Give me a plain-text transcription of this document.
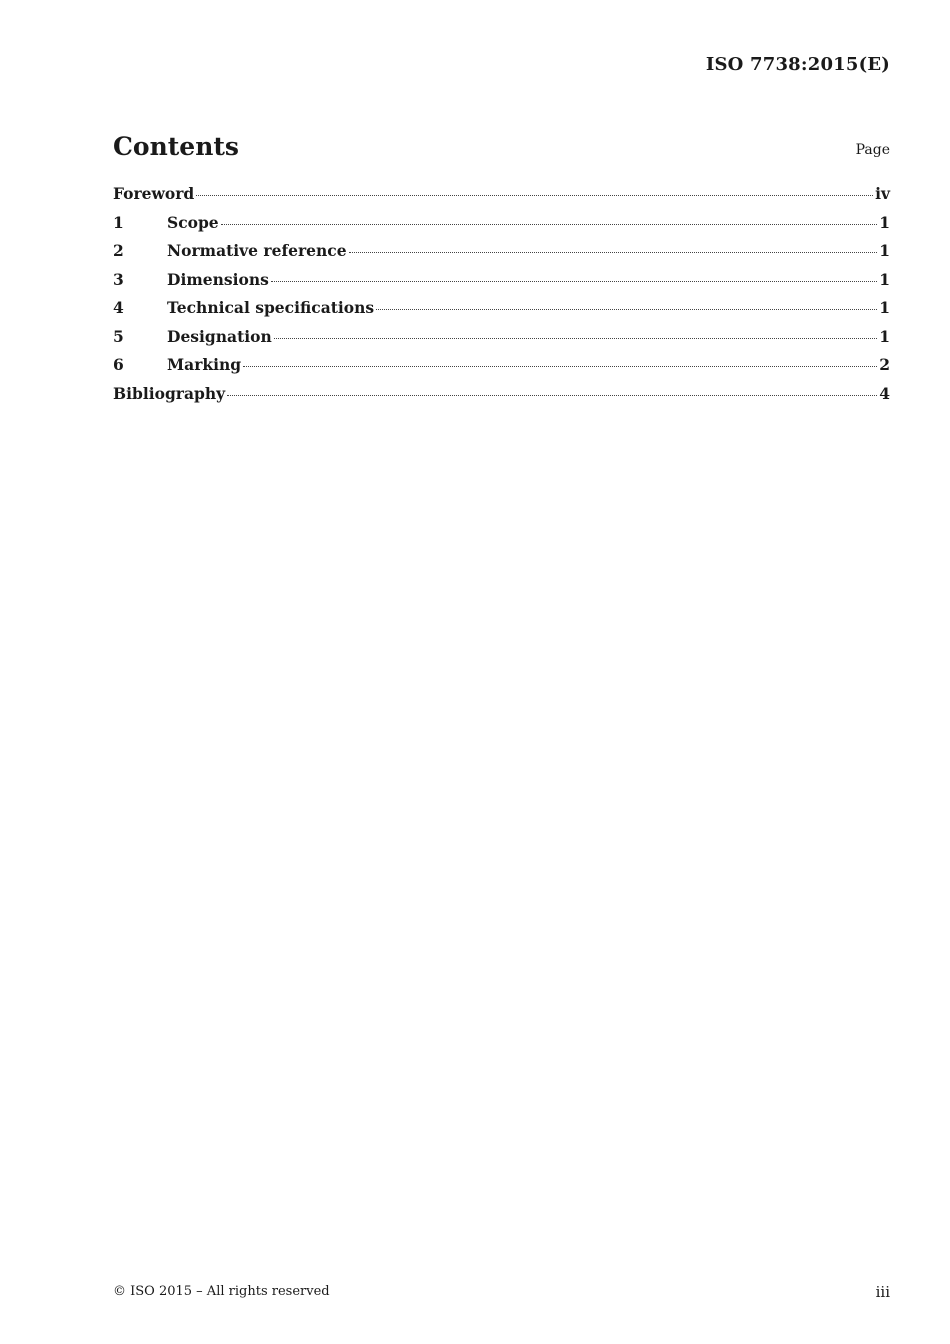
ISO 7738:2015(E)
Contents	Page
Foreword	iv
1	Scope	1
2	Normative reference	1
3	Dimensions	1
4	Technical specifications	1
5	Designation	1
6	Marking	2
Bibliography	4
© ISO 2015 – All rights reserved	iii
